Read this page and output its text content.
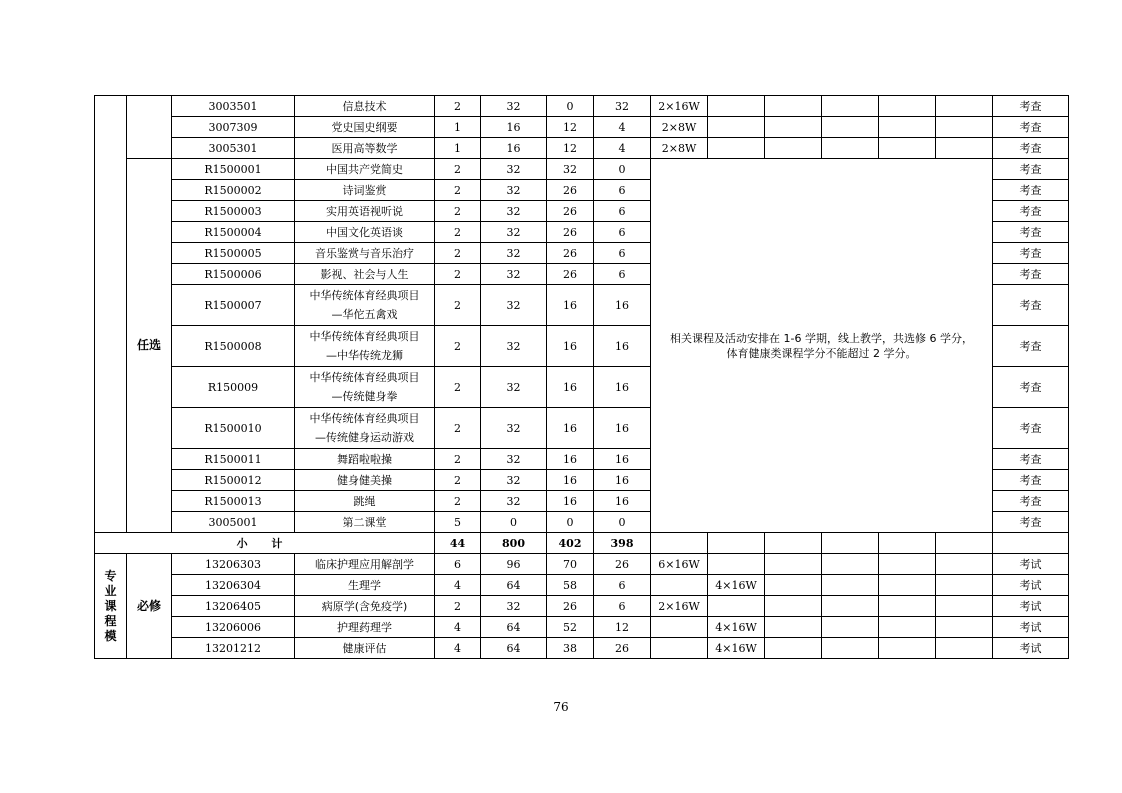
		3003501	信息技术	2	32	0	32	2×16W						考查
		3007309	党史国史纲要	1	16	12	4	2×8W						考查
		3005301	医用高等数学	1	16	12	4	2×8W						考查
	任选	R1500001	中国共产党简史	2	32	32	0	相关课程及活动安排在 1-6 学期，线上教学，共选修 6 学分，
体育健康类课程学分不能超过 2 学分。						考查
		R1500002	诗词鉴赏	2	32	26	6							考查
		R1500003	实用英语视听说	2	32	26	6							考查
		R1500004	中国文化英语谈	2	32	26	6							考查
		R1500005	音乐鉴赏与音乐治疗	2	32	26	6							考查
		R1500006	影视、社会与人生	2	32	26	6							考查
		R1500007	中华传统体育经典项目
—华佗五禽戏	2	32	16	16							考查
		R1500008	中华传统体育经典项目
—中华传统龙狮	2	32	16	16							考查
		R150009	中华传统体育经典项目
—传统健身拳	2	32	16	16							考查
		R1500010	中华传统体育经典项目
—传统健身运动游戏	2	32	16	16							考查
		R1500011	舞蹈啦啦操	2	32	16	16							考查
		R1500012	健身健美操	2	32	16	16							考查
		R1500013	跳绳	2	32	16	16							考查
		3005001	第二课堂	5	0	0	0							考查
小 计				44	800	402	398							

专
业
课
程
模	必修	13206303	临床护理应用解剖学	6	96	70	26	6×16W						考试
		13206304	生理学	4	64	58	6		4×16W					考试
		13206405	病原学(含免疫学)	2	32	26	6	2×16W						考试
		13206006	护理药理学	4	64	52	12		4×16W					考试
		13201212	健康评估	4	64	38	26		4×16W					考试
76
